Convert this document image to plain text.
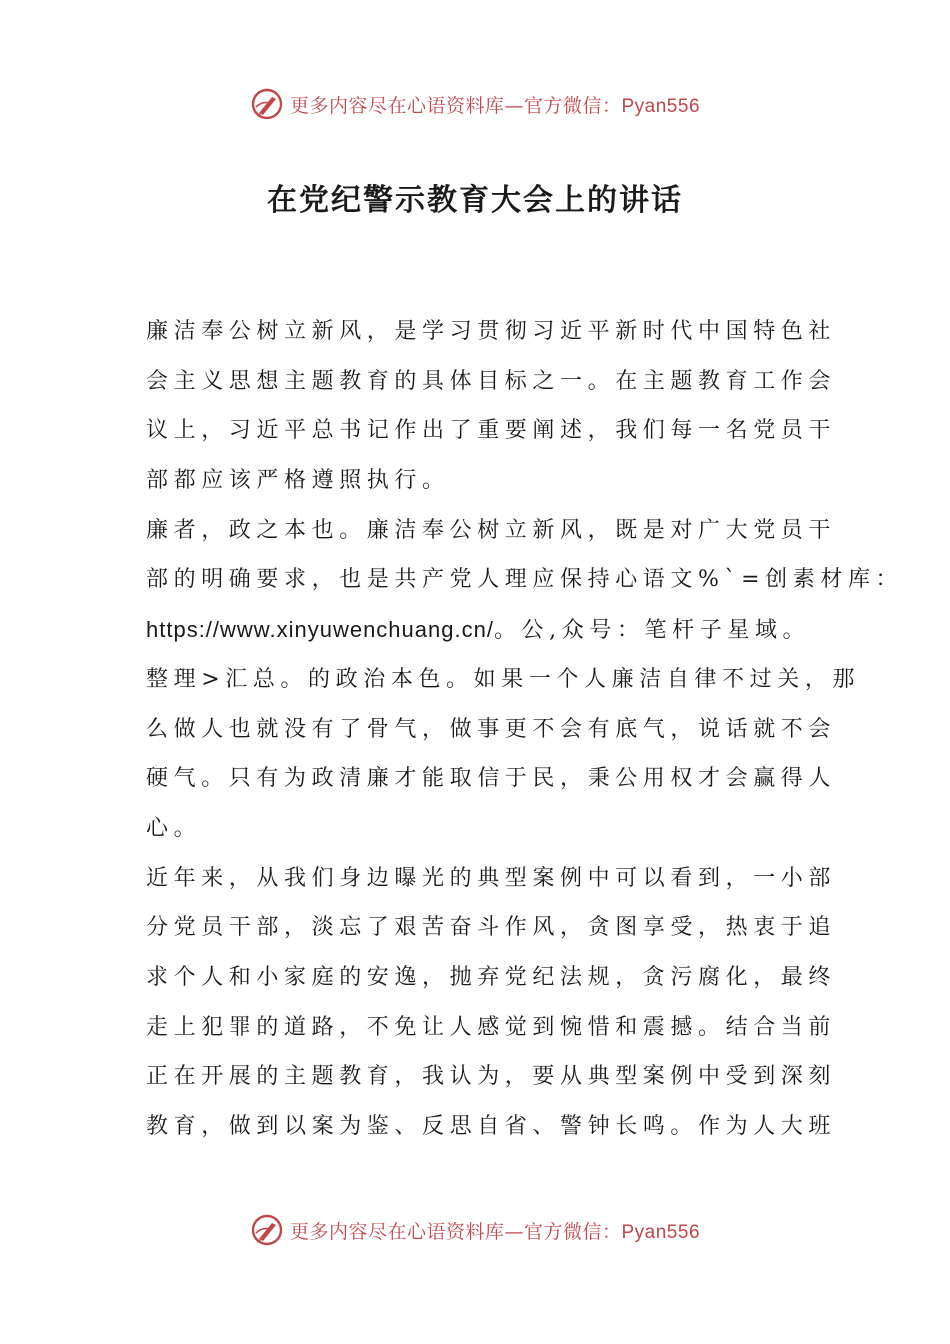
更多内容尽在心语资料库—官方微信：Pyan556
在党纪警示教育大会上的讲话
廉洁奉公树立新风，是学习贯彻习近平新时代中国特色社
会主义思想主题教育的具体目标之一。在主题教育工作会
议上，习近平总书记作出了重要阐述，我们每一名党员干
部都应该严格遵照执行。
廉者，政之本也。廉洁奉公树立新风，既是对广大党员干
部的明确要求，也是共产党人理应保持心语文%`=创素材库：
https://www.xinyuwenchuang.cn/。公,众号：笔杆子星域。
整理>汇总。的政治本色。如果一个人廉洁自律不过关，那
么做人也就没有了骨气，做事更不会有底气，说话就不会
硬气。只有为政清廉才能取信于民，秉公用权才会赢得人
心。
近年来，从我们身边曝光的典型案例中可以看到，一小部
分党员干部，淡忘了艰苦奋斗作风，贪图享受，热衷于追
求个人和小家庭的安逸，抛弃党纪法规，贪污腐化，最终
走上犯罪的道路，不免让人感觉到惋惜和震撼。结合当前
正在开展的主题教育，我认为，要从典型案例中受到深刻
教育，做到以案为鉴、反思自省、警钟长鸣。作为人大班
更多内容尽在心语资料库—官方微信：Pyan556
